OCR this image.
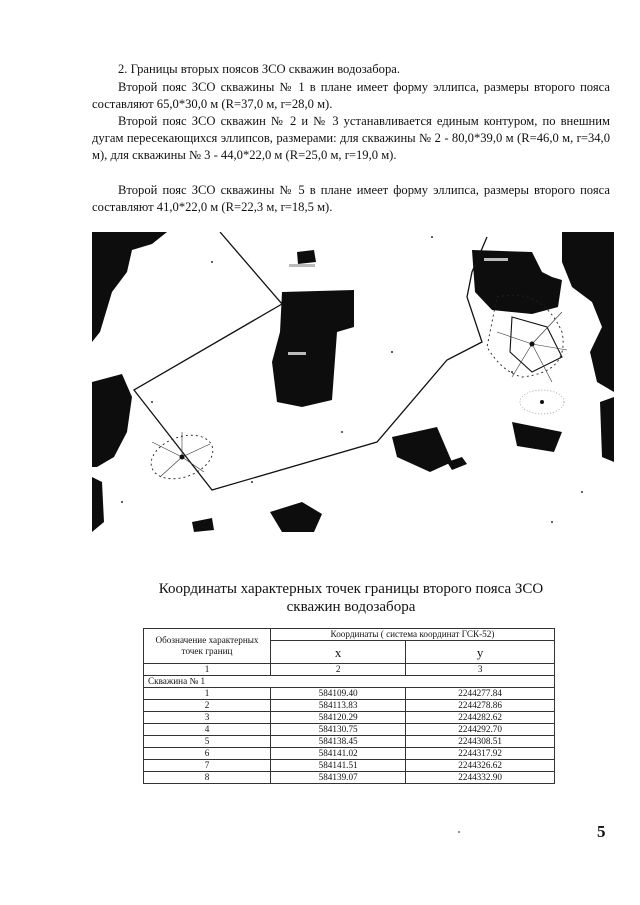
2. Границы вторых поясов ЗСО скважин водозабора.

Второй пояс ЗСО скважины № 1 в плане имеет форму эллипса, размеры второго пояса составляют 65,0*30,0 м (R=37,0 м, r=28,0 м).

Второй пояс ЗСО скважин № 2 и № 3 устанавливается единым контуром, по внешним дугам пересекающихся эллипсов, размерами: для скважины № 2 - 80,0*39,0 м (R=46,0 м, r=34,0 м), для скважины № 3 - 44,0*22,0 м (R=25,0 м, r=19,0 м).

Второй пояс ЗСО скважины № 5 в плане имеет форму эллипса, размеры второго пояса составляют 41,0*22,0 м (R=22,3 м, r=18,5 м).

Координаты характерных точек границы второго пояса ЗСО

скважин водозабора

Обозначение характерных точек границ	Координаты ( система координат ГСК-52)	
	х	у
1	2	3
Скважина № 1		
1	584109.40	2244277.84
2	584113.83	2244278.86
3	584120.29	2244282.62
4	584130.75	2244292.70
5	584138.45	2244308.51
6	584141.02	2244317.92
7	584141.51	2244326.62
8	584139.07	2244332.90
5
